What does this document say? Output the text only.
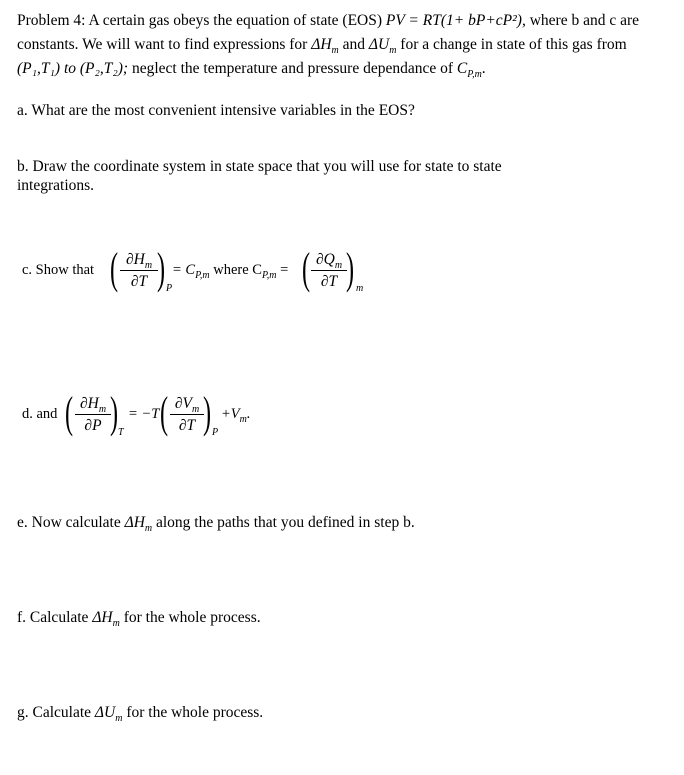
Problem 4: A certain gas obeys the equation of state (EOS) PV = RT(1+ bP+cP²), where b and c are
constants. We will want to find expressions for $\Delta H_m$ and $\Delta U_m$ for a change in state of this gas from
(P₁,T₁) to (P₂,T₂); neglect the temperature and pressure dependance of $C_{P,m}$.
a. What are the most convenient intensive variables in the EOS?
b. Draw the coordinate system in state space that you will use for state to state
integrations.
c. Show that ( $\partial H_m$
∂T ) P
= $C_{P,m}$ where $C_{P,m}$ = ( $\partial Q_m$
∂T ) m
d. and ( $\partial H_m$
∂P ) T
= −T ( $\partial V_m$
∂T ) P
$+V_m$.
e. Now calculate $\Delta H_m$ along the paths that you defined in step b.
f. Calculate $\Delta H_m$ for the whole process.
g. Calculate $\Delta U_m$ for the whole process.
